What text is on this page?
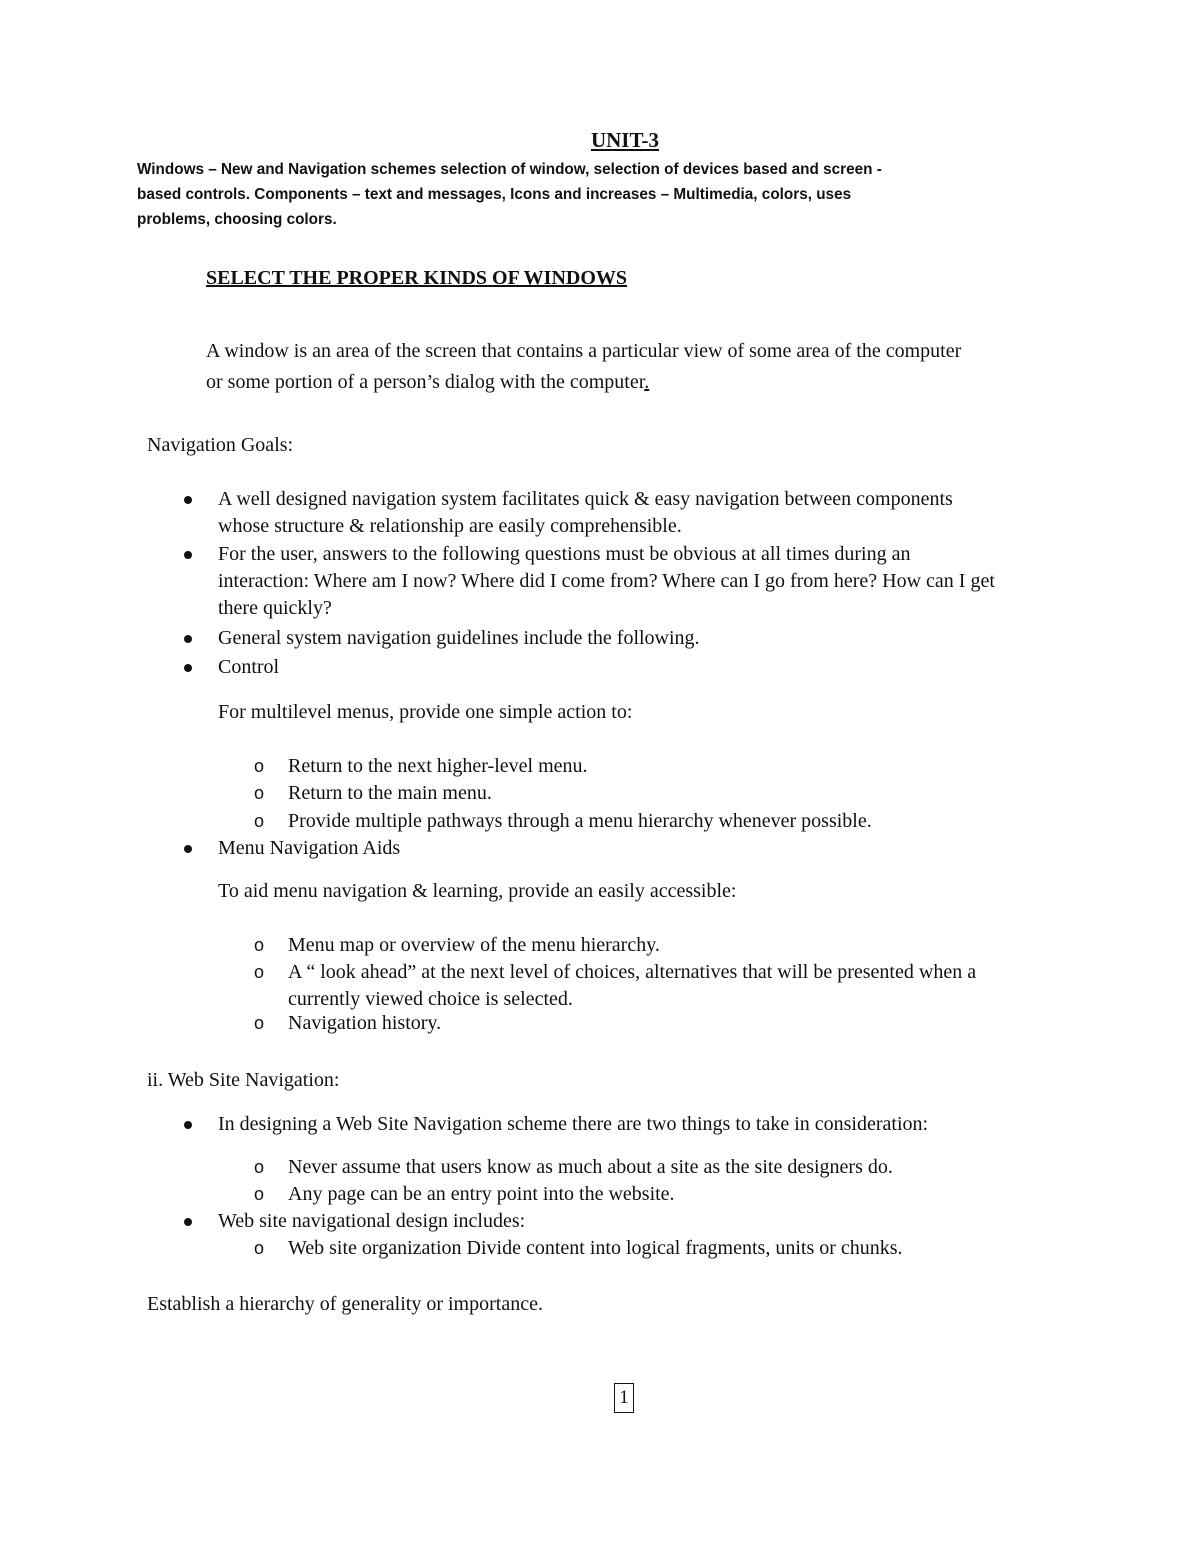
UNIT-3
Windows – New and Navigation schemes selection of window, selection of devices based and screen -
based controls. Components – text and messages, Icons and increases – Multimedia, colors, uses
problems, choosing colors.
SELECT THE PROPER KINDS OF WINDOWS
A window is an area of the screen that contains a particular view of some area of the computer
or some portion of a person’s dialog with the computer.
Navigation Goals:
A well designed navigation system facilitates quick & easy navigation between components
whose structure & relationship are easily comprehensible.
For the user, answers to the following questions must be obvious at all times during an
interaction: Where am I now? Where did I come from? Where can I go from here? How can I get
there quickly?
General system navigation guidelines include the following.
Control
For multilevel menus, provide one simple action to:
o Return to the next higher-level menu.
o Return to the main menu.
o Provide multiple pathways through a menu hierarchy whenever possible.
Menu Navigation Aids
To aid menu navigation & learning, provide an easily accessible:
o Menu map or overview of the menu hierarchy.
o A “ look ahead” at the next level of choices, alternatives that will be presented when a
currently viewed choice is selected.
o Navigation history.
ii. Web Site Navigation:
In designing a Web Site Navigation scheme there are two things to take in consideration:
o Never assume that users know as much about a site as the site designers do.
o Any page can be an entry point into the website.
Web site navigational design includes:
o Web site organization Divide content into logical fragments, units or chunks.
Establish a hierarchy of generality or importance.
1
